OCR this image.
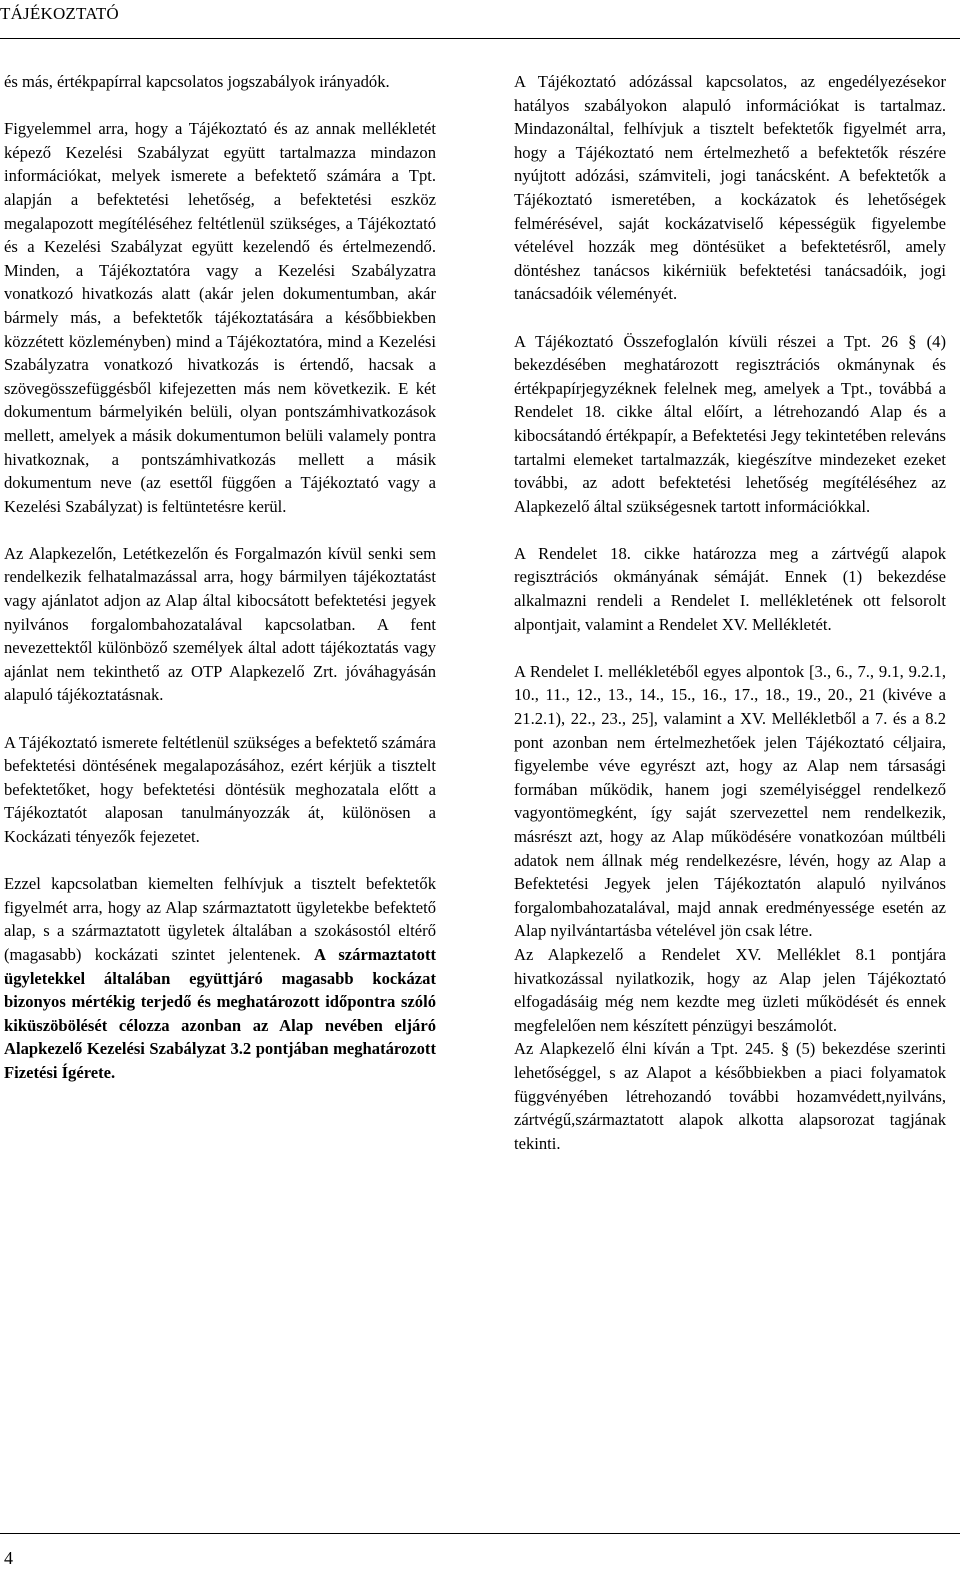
TÁJÉKOZTATÓ

és más, értékpapírral kapcsolatos jogszabályok irányadók.

Figyelemmel arra, hogy a Tájékoztató és az annak mellékletét képező Kezelési Szabályzat együtt tartalmazza mindazon információkat, melyek ismerete a befektető számára a Tpt. alapján a befektetési lehetőség, a befektetési eszköz megalapozott megítéléséhez feltétlenül szükséges, a Tájékoztató és a Kezelési Szabályzat együtt kezelendő és értelmezendő. Minden, a Tájékoztatóra vagy a Kezelési Szabályzatra vonatkozó hivatkozás alatt (akár jelen dokumentumban, akár bármely más, a befektetők tájékoztatására a későbbiekben közzétett közleményben) mind a Tájékoztatóra, mind a Kezelési Szabályzatra vonatkozó hivatkozás is értendő, hacsak a szövegösszefüggésből kifejezetten más nem következik. E két dokumentum bármelyikén belüli, olyan pontszámhivatkozások mellett, amelyek a másik dokumentumon belüli valamely pontra hivatkoznak, a pontszámhivatkozás mellett a másik dokumentum neve (az esettől függően a Tájékoztató vagy a Kezelési Szabályzat) is feltüntetésre kerül.

Az Alapkezelőn, Letétkezelőn és Forgalmazón kívül senki sem rendelkezik felhatalmazással arra, hogy bármilyen tájékoztatást vagy ajánlatot adjon az Alap által kibocsátott befektetési jegyek nyilvános forgalombahozatalával kapcsolatban. A fent nevezettektől különböző személyek által adott tájékoztatás vagy ajánlat nem tekinthető az OTP Alapkezelő Zrt. jóváhagyásán alapuló tájékoztatásnak.

A Tájékoztató ismerete feltétlenül szükséges a befektető számára befektetési döntésének megalapozásához, ezért kérjük a tisztelt befektetőket, hogy befektetési döntésük meghozatala előtt a Tájékoztatót alaposan tanulmányozzák át, különösen a Kockázati tényezők fejezetet.

Ezzel kapcsolatban kiemelten felhívjuk a tisztelt befektetők figyelmét arra, hogy az Alap származtatott ügyletekbe befektető alap, s a származtatott ügyletek általában a szokásostól eltérő (magasabb) kockázati szintet jelentenek. A származtatott ügyletekkel általában együttjáró magasabb kockázat bizonyos mértékig terjedő és meghatározott időpontra szóló kiküszöbölését célozza azonban az Alap nevében eljáró Alapkezelő Kezelési Szabályzat 3.2 pontjában meghatározott Fizetési Ígérete.

A Tájékoztató adózással kapcsolatos, az engedélyezésekor hatályos szabályokon alapuló információkat is tartalmaz. Mindazonáltal, felhívjuk a tisztelt befektetők figyelmét arra, hogy a Tájékoztató nem értelmezhető a befektetők részére nyújtott adózási, számviteli, jogi tanácsként. A befektetők a Tájékoztató ismeretében, a kockázatok és lehetőségek felmérésével, saját kockázatviselő képességük figyelembe vételével hozzák meg döntésüket a befektetésről, amely döntéshez tanácsos kikérniük befektetési tanácsadóik, jogi tanácsadóik véleményét.

A Tájékoztató Összefoglalón kívüli részei a Tpt. 26 § (4) bekezdésében meghatározott regisztrációs okmánynak és értékpapírjegyzéknek felelnek meg, amelyek a Tpt., továbbá a Rendelet 18. cikke által előírt, a létrehozandó Alap és a kibocsátandó értékpapír, a Befektetési Jegy tekintetében releváns tartalmi elemeket tartalmazzák, kiegészítve mindezeket ezeket további, az adott befektetési lehetőség megítéléséhez az Alapkezelő által szükségesnek tartott információkkal.

A Rendelet 18. cikke határozza meg a zártvégű alapok regisztrációs okmányának sémáját. Ennek (1) bekezdése alkalmazni rendeli a Rendelet I. mellékletének ott felsorolt alpontjait, valamint a Rendelet XV. Mellékletét.

A Rendelet I. mellékletéből egyes alpontok [3., 6., 7., 9.1, 9.2.1, 10., 11., 12., 13., 14., 15., 16., 17., 18., 19., 20., 21 (kivéve a 21.2.1), 22., 23., 25], valamint a XV. Mellékletből a 7. és a 8.2 pont azonban nem értelmezhetőek jelen Tájékoztató céljaira, figyelembe véve egyrészt azt, hogy az Alap nem társasági formában működik, hanem jogi személyiséggel rendelkező vagyontömegként, így saját szervezettel nem rendelkezik, másrészt azt, hogy az Alap működésére vonatkozóan múltbéli adatok nem állnak még rendelkezésre, lévén, hogy az Alap a Befektetési Jegyek jelen Tájékoztatón alapuló nyilvános forgalombahozatalával, majd annak eredményessége esetén az Alap nyilvántartásba vételével jön csak létre.

Az Alapkezelő a Rendelet XV. Melléklet 8.1 pontjára hivatkozással nyilatkozik, hogy az Alap jelen Tájékoztató elfogadásáig még nem kezdte meg üzleti működését és ennek megfelelően nem készített pénzügyi beszámolót.

Az Alapkezelő élni kíván a Tpt. 245. § (5) bekezdése szerinti lehetőséggel, s az Alapot a későbbiekben a piaci folyamatok függvényében létrehozandó további hozamvédett,nyilváns, zártvégű,származtatott alapok alkotta alapsorozat tagjának tekinti.

4
